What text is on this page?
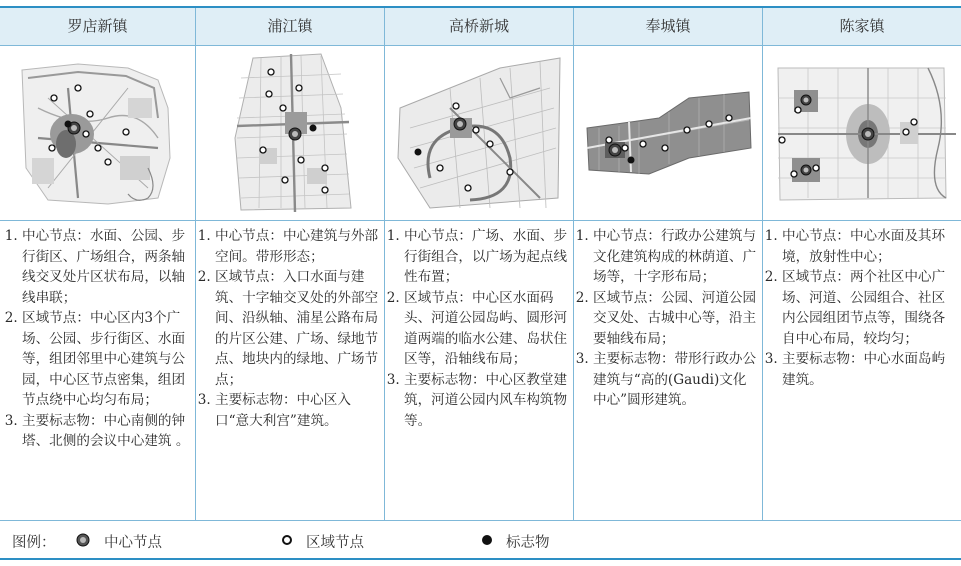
罗店新镇	浦江镇	高桥新城	奉城镇	陈家镇
1. 中心节点：水面、公园、步行街区、广场组合，两条轴线交叉处片区状布局，以轴线串联；
2. 区域节点：中心区内3个广场、公园、步行街区、水面等，组团邻里中心建筑与公园，中心区节点密集，组团节点绕中心均匀布局；
3. 主要标志物：中心南侧的钟塔、北侧的会议中心建筑 。
1. 中心节点：中心建筑与外部空间。带形形态；
2. 区域节点：入口水面与建筑、十字轴交叉处的外部空间、沿纵轴、浦星公路布局的片区公建、广场、绿地节点、地块内的绿地、广场节点；
3. 主要标志物：中心区入口“意大利宫”建筑。
1. 中心节点：广场、水面、步行街组合，以广场为起点线性布置；
2. 区域节点：中心区水面码头、河道公园岛屿、圆形河道两端的临水公建、岛状住区等，沿轴线布局；
3. 主要标志物：中心区教堂建筑，河道公园内风车构筑物等。
1. 中心节点：行政办公建筑与文化建筑构成的林荫道、广场等，十字形布局；
2. 区域节点：公园、河道公园交叉处、古城中心等，沿主要轴线布局；
3. 主要标志物：带形行政办公建筑与“高的(Gaudi)文化中心”圆形建筑。
1. 中心节点：中心水面及其环境，放射性中心；
2. 区域节点：两个社区中心广场、河道、公园组合、社区内公园组团节点等，围绕各自中心布局，较均匀；
3. 主要标志物：中心水面岛屿建筑。
图例：	中心节点	区域节点	标志物
